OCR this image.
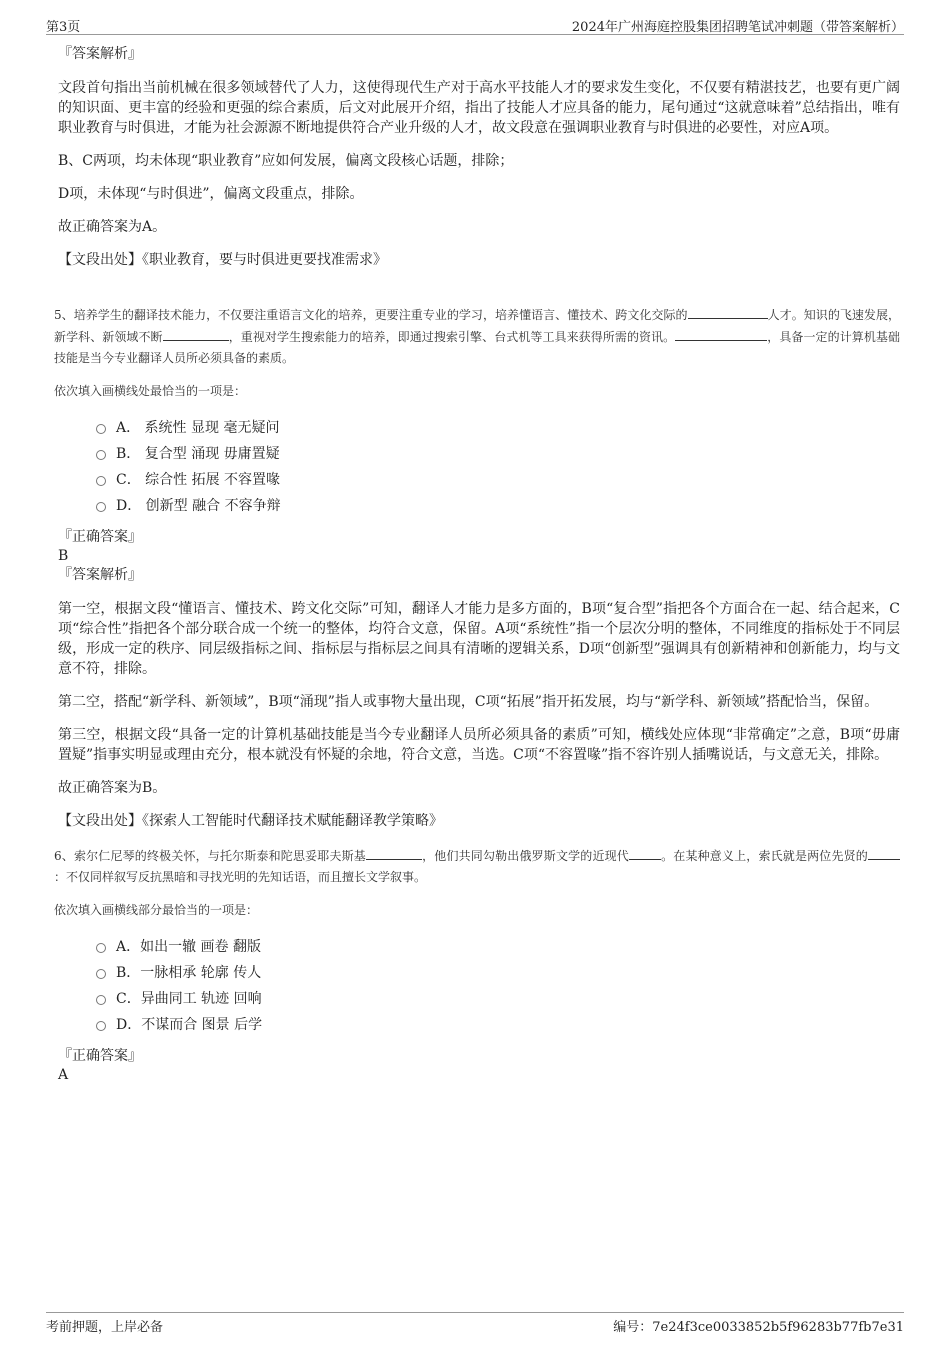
第3页	2024年广州海庭控股集团招聘笔试冲刺题（带答案解析）

『答案解析』

文段首句指出当前机械在很多领域替代了人力，这使得现代生产对于高水平技能人才的要求发生变化，不仅要有精湛技艺，也要有更广阔的知识面、更丰富的经验和更强的综合素质，后文对此展开介绍，指出了技能人才应具备的能力，尾句通过“这就意味着”总结指出，唯有职业教育与时俱进，才能为社会源源不断地提供符合产业升级的人才，故文段意在强调职业教育与时俱进的必要性，对应A项。

B、C两项，均未体现“职业教育”应如何发展，偏离文段核心话题，排除；

D项，未体现“与时俱进”，偏离文段重点，排除。

故正确答案为A。

【文段出处】《职业教育，要与时俱进更要找准需求》

5、培养学生的翻译技术能力，不仅要注重语言文化的培养，更要注重专业的学习，培养懂语言、懂技术、跨文化交际的	人才。知识的飞速发展，新学科、新领域不断	，重视对学生搜索能力的培养，即通过搜索引擎、台式机等工具来获得所需的资讯。	，具备一定的计算机基础技能是当今专业翻译人员所必须具备的素质。

依次填入画横线处最恰当的一项是：

A． 系统性 显现 毫无疑问
B． 复合型 涌现 毋庸置疑
C． 综合性 拓展 不容置喙
D． 创新型 融合 不容争辩

『正确答案』

B

『答案解析』

第一空，根据文段“懂语言、懂技术、跨文化交际”可知，翻译人才能力是多方面的，B项“复合型”指把各个方面合在一起、结合起来，C项“综合性”指把各个部分联合成一个统一的整体，均符合文意，保留。A项“系统性”指一个层次分明的整体，不同维度的指标处于不同层级，形成一定的秩序、同层级指标之间、指标层与指标层之间具有清晰的逻辑关系，D项“创新型”强调具有创新精神和创新能力，均与文意不符，排除。

第二空，搭配“新学科、新领域”，B项“涌现”指人或事物大量出现，C项“拓展”指开拓发展，均与“新学科、新领域”搭配恰当，保留。

第三空，根据文段“具备一定的计算机基础技能是当今专业翻译人员所必须具备的素质”可知，横线处应体现“非常确定”之意，B项“毋庸置疑”指事实明显或理由充分，根本就没有怀疑的余地，符合文意，当选。C项“不容置喙”指不容许别人插嘴说话，与文意无关，排除。

故正确答案为B。

【文段出处】《探索人工智能时代翻译技术赋能翻译教学策略》

6、索尔仁尼琴的终极关怀，与托尔斯泰和陀思妥耶夫斯基	，他们共同勾勒出俄罗斯文学的近现代	。在某种意义上，索氏就是两位先贤的：不仅同样叙写反抗黑暗和寻找光明的先知话语，而且擅长文学叙事。

依次填入画横线部分最恰当的一项是：

A．如出一辙 画卷 翻版
B．一脉相承 轮廓 传人
C．异曲同工 轨迹 回响
D．不谋而合 图景 后学

『正确答案』

A

考前押题，上岸必备	编号：7e24f3ce0033852b5f96283b77fb7e31
